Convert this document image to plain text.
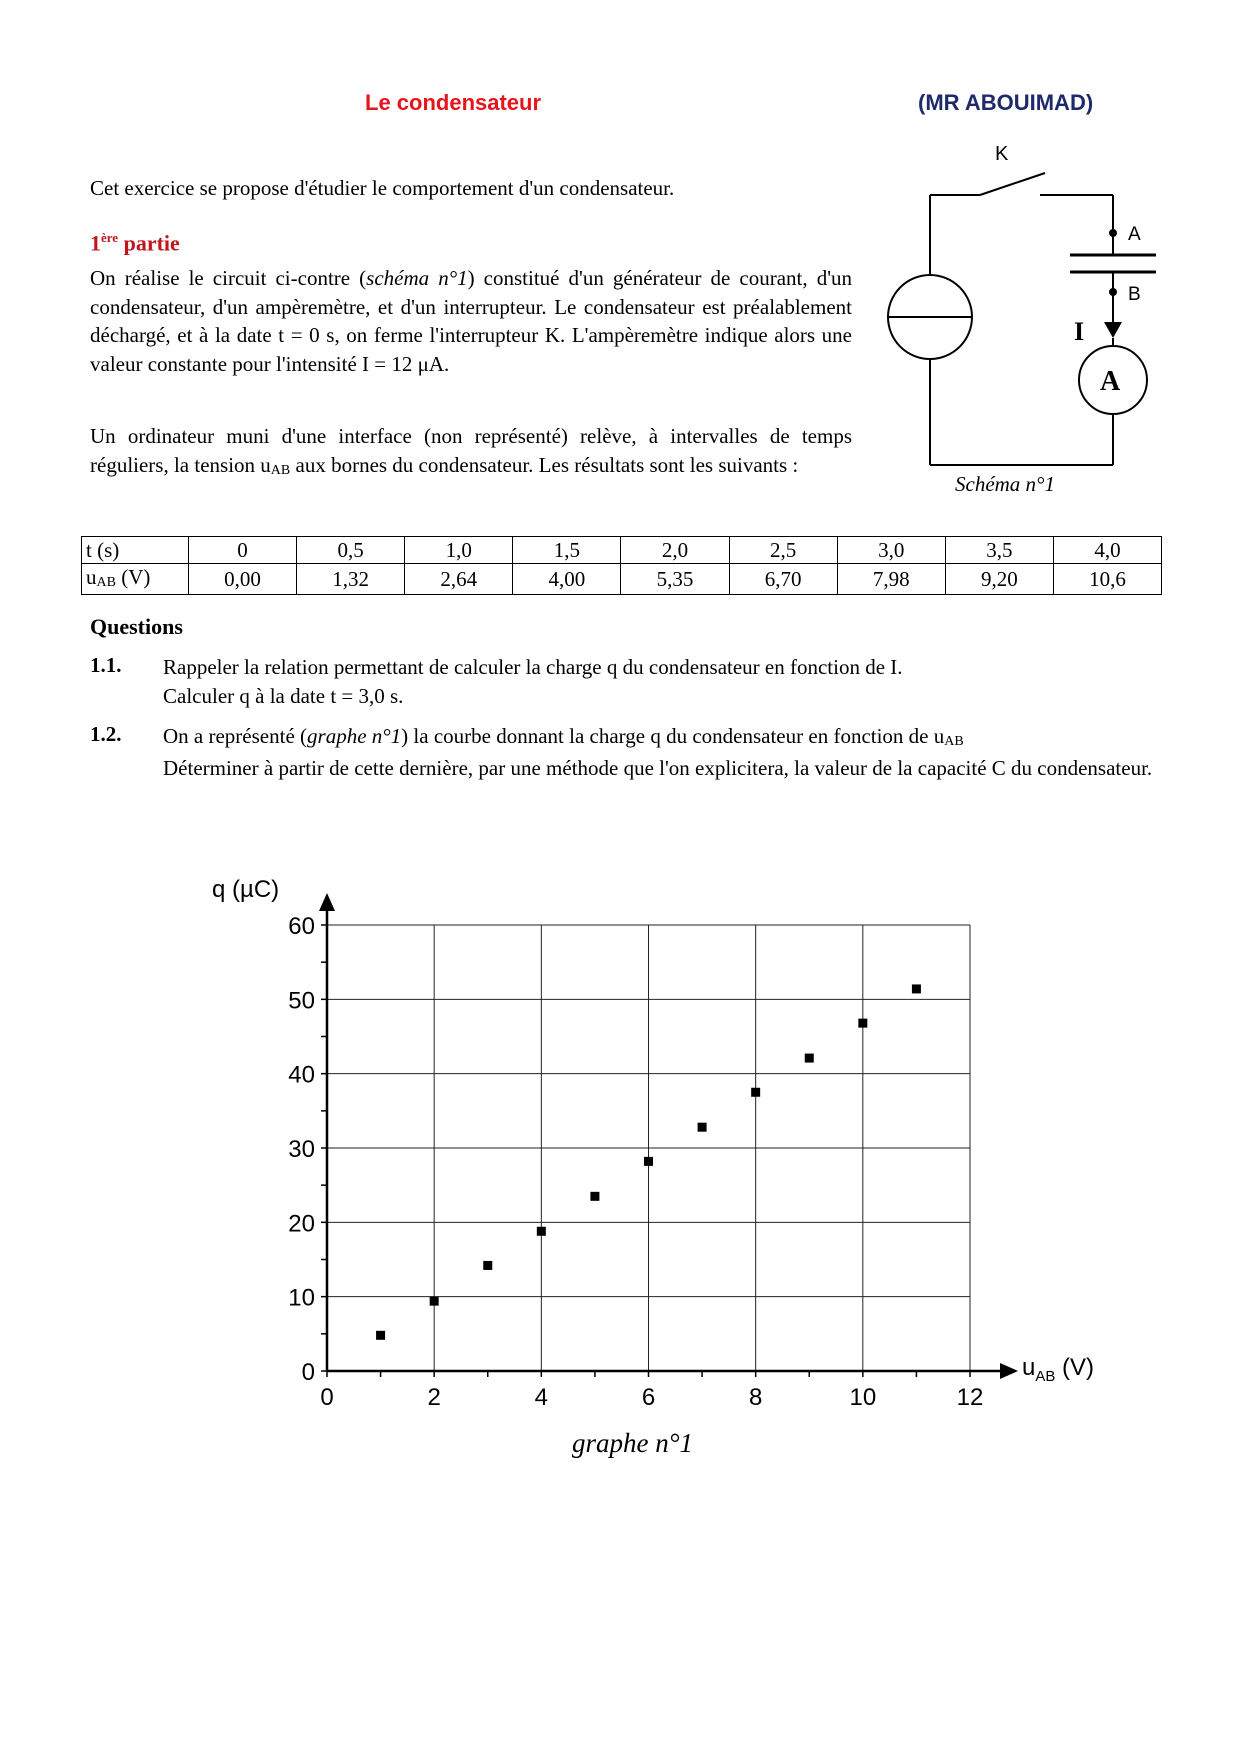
Le condensateur	(MR ABOUIMAD)
Cet exercice se propose d'étudier le comportement d'un condensateur.
1ère partie

On réalise le circuit ci-contre (schéma n°1) constitué d'un générateur de courant, d'un condensateur, d'un ampèremètre, et d'un interrupteur. Le condensateur est préalablement déchargé, et à la date t = 0 s, on ferme l'interrupteur K. L'ampèremètre indique alors une valeur constante pour l'intensité I = 12 μA.

Un ordinateur muni d'une interface (non représenté) relève, à intervalles de temps réguliers, la tension uAB aux bornes du condensateur. Les résultats sont les suivants :

K
A
B
I
A
Schéma n°1
t (s)	0	0,5	1,0	1,5	2,0	2,5	3,0	3,5	4,0
uAB (V)	0,00	1,32	2,64	4,00	5,35	6,70	7,98	9,20	10,6
Questions
1.1. Rappeler la relation permettant de calculer la charge q du condensateur en fonction de I.
Calculer q à la date t = 3,0 s.
1.2. On a représenté (graphe n°1) la courbe donnant la charge q du condensateur en fonction de uAB
Déterminer à partir de cette dernière, par une méthode que l'on explicitera, la valeur de la capacité C du condensateur.
0	2	4	6	8	10	12
0
10
20
30
40
50
60
q (µC)
$u_{AB}$ (V)
graphe n°1
